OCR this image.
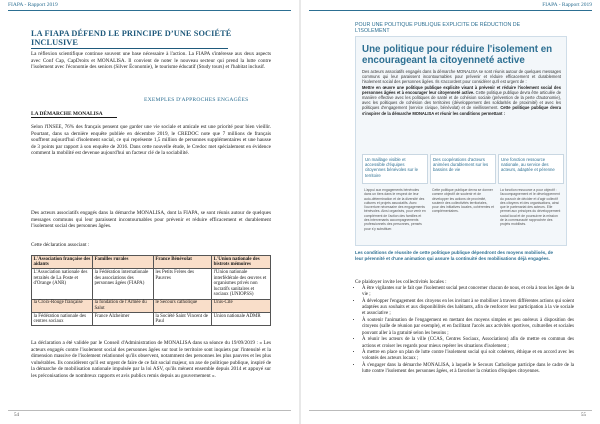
FIAPA - Rapport 2019
LA FIAPA DÉFEND LE PRINCIPE D’UNE SOCIÉTÉ INCLUSIVE
La réflexion scientifique continue souvent une base nécessaire à l'action. La FIAPA s'intéresse aux deux aspects avec Conf Cap, CapDroits et MONALISA. Il convient de noter le nouveau secteur qui prend la lutte contre l'isolement avec l'économie des seniors (Silver Économie), le tourisme éducatif (Study tours) et l'habitat inclusif.
EXEMPLES D'APPROCHES ENGAGÉES
LA DÉMARCHE MONALISA
Selon l'INSEE, 76% des français pensent que garder une vie sociale et amicale est une priorité pour bien vieillir. Pourtant, dans sa dernière enquête publiée en décembre 2019, le CREDOC note que 7 millions de français souffrent aujourd'hui d'isolement social, ce qui représente 1,5 million de personnes supplémentaires et une hausse de 3 points par rapport à son enquête de 2016. Dans cette nouvelle étude, le Credoc met spécialement en évidence comment la mobilité est devenue aujourd'hui un facteur clé de la sociabilité.
Des acteurs associatifs engagés dans la démarche MONALISA, dont la FIAPA, se sont réunis autour de quelques messages communs qui leur paraissent incontournables pour prévenir et réduire efficacement et durablement l'isolement social des personnes âgées.
Cette déclaration associant :
L'Association française des aidants	Familles rurales	France Bénévolat	L'Union nationale des bistrots mémoires
L'Association nationale des retraités de La Poste et d'Orange (ANR)	la Fédération internationale des associations des personnes âgées (FIAPA)	les Petits Frères des Pauvres	l'Union nationale interfédérale des œuvres et organismes privés non lucratifs sanitaires et sociaux (UNIOPSS)
la Croix-Rouge française	la fondation de l'Armée du Salut	le Secours catholique	Unis-Cité
la Fédération nationale des centres sociaux	France Alzheimer	la Société Saint Vincent de Paul	Union nationale ADMR
La déclaration a été validée par le Conseil d'Administration de MONALISA dans sa séance du 19/09/2019 : « Les acteurs engagés contre l'isolement social des personnes âgées sur tout le territoire sont inquiets par l'intensité et la dimension massive de l'isolement relationnel qu'ils observent, notamment des personnes les plus pauvres et les plus vulnérables. Ils considèrent qu'il est urgent de faire de ce fait social majeur, un axe de politique publique, inspiré de la démarche de mobilisation nationale impulsée par la loi ASV, qu'ils mènent ensemble depuis 2014 et appuyé sur les préconisations de nombreux rapports et avis publics remis depuis au gouvernement ».
54
FIAPA - Rapport 2019
POUR UNE POLITIQUE PUBLIQUE EXPLICITE DE RÉDUCTION DE L'ISOLEMENT
Une politique pour réduire l'isolement en encourageant la citoyenneté active
Des acteurs associatifs engagés dans la démarche MONALISA se sont réunis autour de quelques messages communs qui leur paraissent incontournables pour prévenir et réduire efficacement et durablement l'isolement social des personnes âgées. Ils s'accordent pour considérer qu'il est urgent de :
Mettre en œuvre une politique publique explicite visant à prévenir et réduire l'isolement social des personnes âgées et à encourager leur citoyenneté active. Cette politique publique devra être articulée de manière effective avec les politiques de santé et de cohésion sociale (prévention de la perte d'autonomie), avec les politiques de cohésion des territoires (développement des solidarités de proximité) et avec les politiques d'engagement (service civique, bénévolat) et de vieillissement. Cette politique publique devra s'inspirer de la démarche MONALISA et réunir les conditions permettant :
Un maillage visible et accessible d'équipes citoyennes bénévoles sur le territoire
L'appui aux engagements bénévoles dans un tiers dans le respect de leur auto-détermination et de la diversité des cultures et projets associatifs. Avec l'ouverture nécessaire des engagements bénévoles. Ainsi organisés, pour venir en complément de l'action des familles et des intervenants accompagnements professionnels des personnes, pensés pour s'y substituer.
Des coopérations d'acteurs animées durablement sur les bassins de vie
Cette politique publique devra se donner comme objectif de soutenir et de développer les actions de proximité, soutenir des collectivités territoriales, pour des initiatives locales, cohérentes et complémentaires.
Une fonction ressource nationale, au service des acteurs, adaptée et pérenne
La fonction ressource a pour objectif : l'accompagnement et le développement du pouvoir de décider et d'agir collectif des citoyens et des organisations, ainsi que le partenariat des acteurs. Elle permet aux principes du développement social local et de poursuivre la mission de la communauté rapprochée des projets mobilisés.
Les conditions de réussite de cette politique publique dépendront des moyens mobilisés, de leur pérennité et d'une animation qui assure la continuité des mobilisations déjà engagées.
Ce plaidoyer invite les collectivités locales :
• À être vigilantes sur le fait que l'isolement social peut concerner chacun de nous, et cela à tous les âges de la vie ;
• À développer l'engagement des citoyens en les invitant à se mobiliser à travers différentes actions qui soient adaptées aux souhaits et aux disponibilités des habitants, afin de renforcer leur participation à la vie sociale et associative ;
• À soutenir l'animation de l'engagement en mettant des moyens simples et peu onéreux à disposition des citoyens (salle de réunion par exemple), et en facilitant l'accès aux activités sportives, culturelles et sociales pouvant aller à la gratuité selon les besoins ;
• À réunir les acteurs de la ville (CCAS, Centres Sociaux, Associations) afin de mettre en commun des actions et croiser les regards pour mieux repérer les situations d'isolement ;
• À mettre en place un plan de lutte contre l'isolement social qui soit cohérent, éthique et en accord avec les volontés des acteurs locaux ;
• À s'engager dans la démarche MONALISA, à laquelle le Secours Catholique participe dans le cadre de la lutte contre l'isolement des personnes âgées, et à favoriser la création d'équipes citoyennes.
55
